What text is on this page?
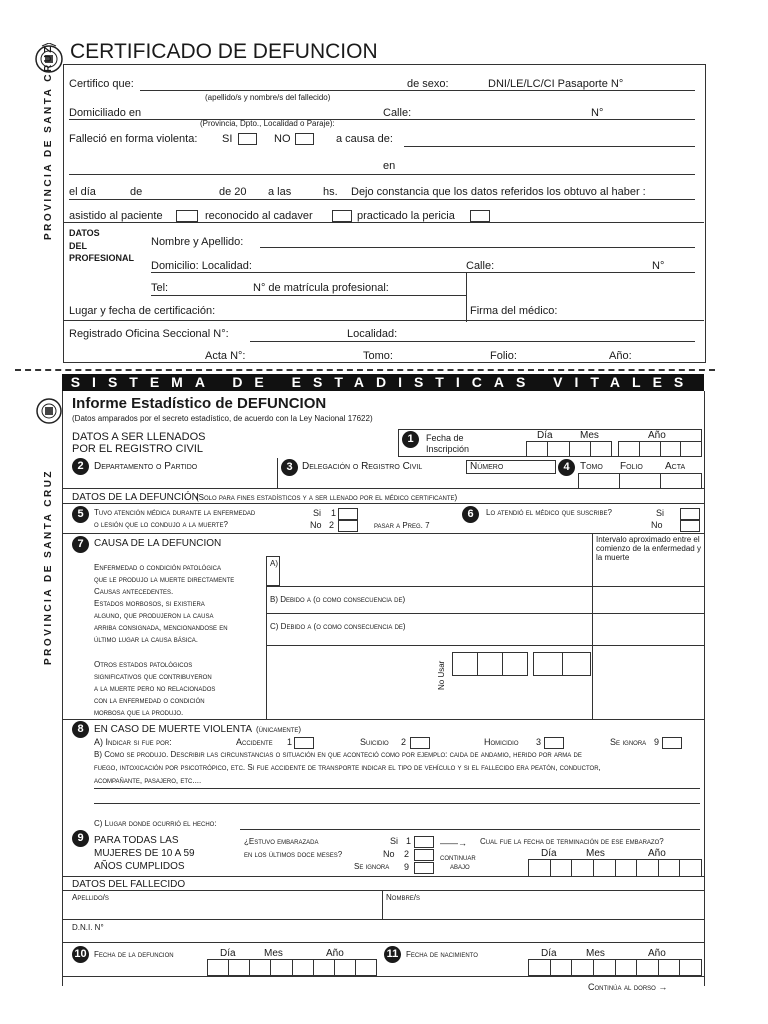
CERTIFICADO DE DEFUNCION
PROVINCIA DE SANTA CRUZ Certifico que:	de sexo:	DNI/LE/LC/CI Pasaporte N°
(apellido/s y nombre/s del fallecido)
Domiciliado en	Calle:	N°
(Provincia, Dpto., Localidad o Paraje):
Falleció en forma violenta: SI	NO	a causa de:
en
el día	de	de 20 a las	hs. Dejo constancia que los datos referidos los obtuvo al haber :
asistido al paciente	reconocido al cadaver	practicado la pericia
DATOS
DEL
PROFESIONAL
Nombre y Apellido:
Domicilio: Localidad:	Calle:	N°
Tel:	N° de matrícula profesional:
Lugar y fecha de certificación:	Firma del médico:
Registrado Oficina Seccional N°:	Localidad:
Acta N°:	Tomo:	Folio:	Año:
SISTEMA DE ESTADISTICAS VITALES
PROVINCIA DE SANTA CRUZ
Informe Estadístico de DEFUNCION
(Datos amparados por el secreto estadístico, de acuerdo con la Ley Nacional 17622)
DATOS A SER LLENADOS
POR EL REGISTRO CIVIL
1	Fecha de
Inscripción
Día	Mes	Año
2	Departamento o Partido	3 Delegación o Registro Civil	Número	4	Tomo Folio Acta
DATOS DE LA DEFUNCIÓN
(Solo para fines estadísticos y a ser llenado por el médico certificante)
5	Tuvo atención médica durante la enfermedad
o lesión que lo condujo a la muerte?
Si 1
No 2	pasar a Preg. 7
6	Lo atendió el médico que suscribe?	Si
No
7	CAUSA DE LA DEFUNCION	Intervalo aproximado entre el comienzo de la enfermedad y la muerte
Enfermedad o condición patológica
que le produjo la muerte directamente
A)
Causas antecedentes.
Estados morbosos, si existiera
alguno, que produjeron la causa
arriba consignada, mencionandose en
último lugar la causa básica.
B) Debido a (o como consecuencia de)
C) Debido a (o como consecuencia de)
Otros estados patológicos
significativos que contribuyeron
a la muerte pero no relacionados
con la enfermedad o condición
morbosa que la produjo.
No Usar
8	EN CASO DE MUERTE VIOLENTA (únicamente)
A) Indicar si fue por:	Accidente 1	Suicidio 2	Homicidio 3	Se ignora 9
B) Como se produjo. Describir las circunstancias o situación en que aconteció como por ejemplo: caida de andamio, herido por arma de
fuego, intoxicación por psicotrópico, etc. Si fue accidente de transporte indicar el tipo de vehículo y si el fallecido era peatón, conductor,
acompañante, pasajero, etc....
C) Lugar donde ocurrió el hecho:
9	PARA TODAS LAS
MUJERES DE 10 A 59
AÑOS CUMPLIDOS
¿Estuvo embarazada
en los últimos doce meses?
Si 1	——→ Cual fue la fecha de terminación de ese embarazo?
No 2
Se ignora 9
continuar
abajo
Día	Mes	Año
DATOS DEL FALLECIDO
Apellido/s	Nombre/s
D.N.I. N°
10 Fecha de la defuncion	Día	Mes	Año	11 Fecha de nacimiento	Día	Mes	Año
Continúa al dorso →
